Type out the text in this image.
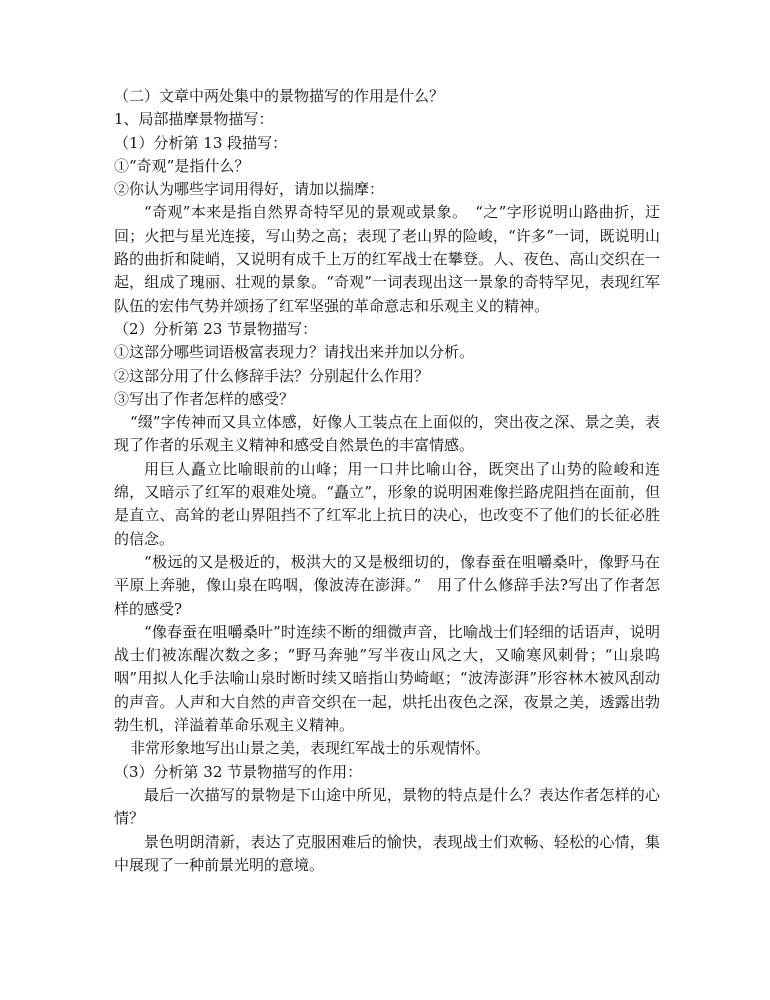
（二）文章中两处集中的景物描写的作用是什么？

1、局部描摩景物描写：

（1）分析第 13 段描写：

①“奇观”是指什么？

②你认为哪些字词用得好，请加以揣摩：

“奇观”本来是指自然界奇特罕见的景观或景象。　“之”字形说明山路曲折，迂回；火把与星光连接，写山势之高；表现了老山界的险峻，“许多”一词，既说明山路的曲折和陡峭，又说明有成千上万的红军战士在攀登。人、夜色、高山交织在一起，组成了瑰丽、壮观的景象。“奇观”一词表现出这一景象的奇特罕见，表现红军队伍的宏伟气势并颂扬了红军坚强的革命意志和乐观主义的精神。

（2）分析第 23 节景物描写：

①这部分哪些词语极富表现力？请找出来并加以分析。

②这部分用了什么修辞手法？分别起什么作用？

③写出了作者怎样的感受？

“缀”字传神而又具立体感，好像人工装点在上面似的，突出夜之深、景之美，表现了作者的乐观主义精神和感受自然景色的丰富情感。

用巨人矗立比喻眼前的山峰；用一口井比喻山谷，既突出了山势的险峻和连绵，又暗示了红军的艰难处境。“矗立”，形象的说明困难像拦路虎阻挡在面前，但是直立、高耸的老山界阻挡不了红军北上抗日的决心，也改变不了他们的长征必胜的信念。

“极远的又是极近的，极洪大的又是极细切的，像春蚕在咀嚼桑叶，像野马在平原上奔驰，像山泉在呜咽，像波涛在澎湃。”　用了什么修辞手法?写出了作者怎样的感受?

“像春蚕在咀嚼桑叶”时连续不断的细微声音，比喻战士们轻细的话语声，说明战士们被冻醒次数之多；“野马奔驰”写半夜山风之大，又喻寒风刺骨；“山泉呜咽”用拟人化手法喻山泉时断时续又暗指山势崎岖；“波涛澎湃”形容林木被风刮动的声音。人声和大自然的声音交织在一起，烘托出夜色之深，夜景之美，透露出勃勃生机，洋溢着革命乐观主义精神。

非常形象地写出山景之美，表现红军战士的乐观情怀。

（3）分析第 32 节景物描写的作用：

最后一次描写的景物是下山途中所见，景物的特点是什么？表达作者怎样的心情？

景色明朗清新，表达了克服困难后的愉快，表现战士们欢畅、轻松的心情，集中展现了一种前景光明的意境。
